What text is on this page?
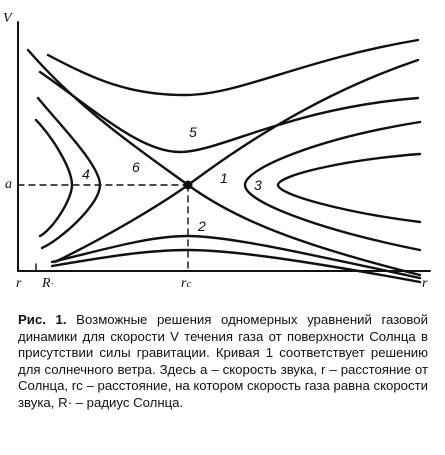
V
a
r	r
R·	rc
1
2
3
4
5
6
Рис. 1. Возможные решения одномерных уравнений газовой динамики для скорости V течения газа от поверхности Солнца в присутствии силы гравитации. Кривая 1 соответствует решению для солнечного ветра. Здесь a – скорость звука, r – расстояние от Солнца, rc – расстояние, на котором скорость газа равна скорости звука, R· – радиус Солнца.
